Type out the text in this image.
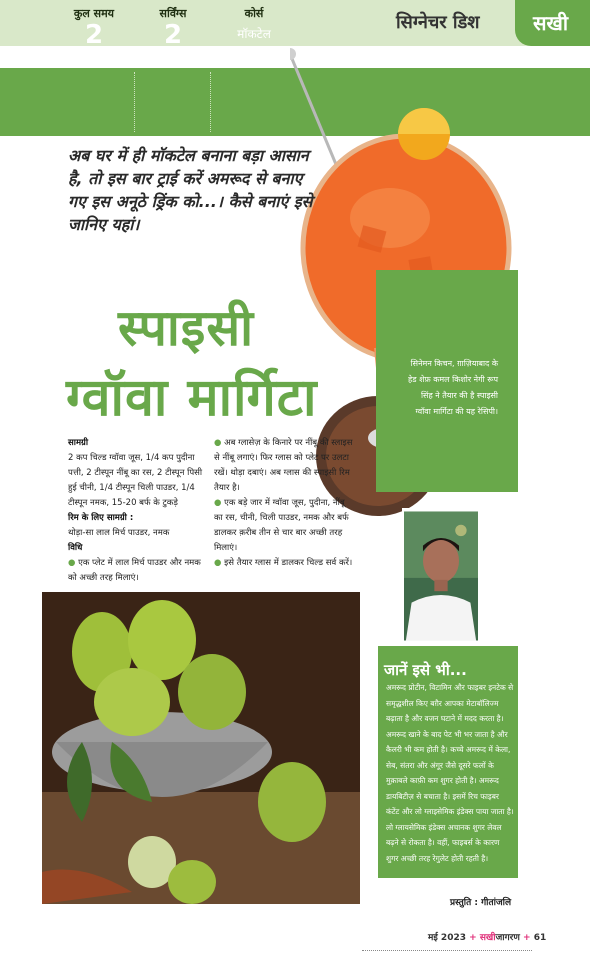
सिग्नेचर डिश	सखी
कुल समय
2
मिनट
सर्विंग्स
2
कोर्स
मॉकटेल
अब घर में ही मॉकटेल बनाना बड़ा आसान है, तो इस बार ट्राई करें अमरूद से बनाए गए इस अनूठे ड्रिंक को...। कैसे बनाएं इसे जानिए यहां।
स्पाइसी
ग्वॉवा मार्गिटा
सिनेमन किचन, ग़ाज़ियाबाद के हेड शेफ़ कमल किशोर नेगी रूप सिंह ने तैयार की है स्पाइसी ग्वॉवा मार्गिटा की यह रेसिपी।
सामग्री
2 कप चिल्ड ग्वॉवा जूस, 1/4 कप पुदीना पत्ती, 2 टीस्पून नींबू का रस, 2 टीस्पून पिसी हुई चीनी, 1/4 टीस्पून चिली पाउडर, 1/4 टीस्पून नमक, 15-20 बर्फ के टुकड़े
रिम के लिए सामग्री :
थोड़ा-सा लाल मिर्च पाउडर, नमक
विधि
● एक प्लेट में लाल मिर्च पाउडर और नमक को अच्छी तरह मिलाएं।
● अब ग्लासेज़ के किनारे पर नींबू की स्लाइस से नींबू लगाएं। फिर ग्लास को प्लेट पर उलटा रखें। थोड़ा दबाएं। अब ग्लास की स्पाइसी रिम तैयार है।
● एक बड़े जार में ग्वॉवा जूस, पुदीना, नींबू का रस, चीनी, चिली पाउडर, नमक और बर्फ डालकर क़रीब तीन से चार बार अच्छी तरह मिलाएं।
● इसे तैयार ग्लास में डालकर चिल्ड सर्व करें।
जानें इसे भी...
अमरूद प्रोटीन, विटामिन और फाइबर इनटेक से समृद्धशील किए बग़ैर आपका मेटाबॉलिज्म बढ़ाता है और वजन घटाने में मदद करता है। अमरूद खाने के बाद पेट भी भर जाता है और कैलरी भी कम होती है। कच्चे अमरूद में केला, सेब, संतरा और अंगूर जैसे दूसरे फलों के मुक़ाबले काफ़ी कम शुगर होती है। अमरूद डायबिटीज़ से बचाता है। इसमें रिच फाइबर कंटेंट और लो ग्लाइसेमिक इंडेक्स पाया जाता है। लो ग्लायसेमिक इंडेक्स अचानक शुगर लेवल बढ़ने से रोकता है। वहीं, फाइबर्स के कारण शुगर अच्छी तरह रेगुलेट होती रहती है।
प्रस्तुति : गीतांजलि
मई 2023 + सखीजागरण + 61
